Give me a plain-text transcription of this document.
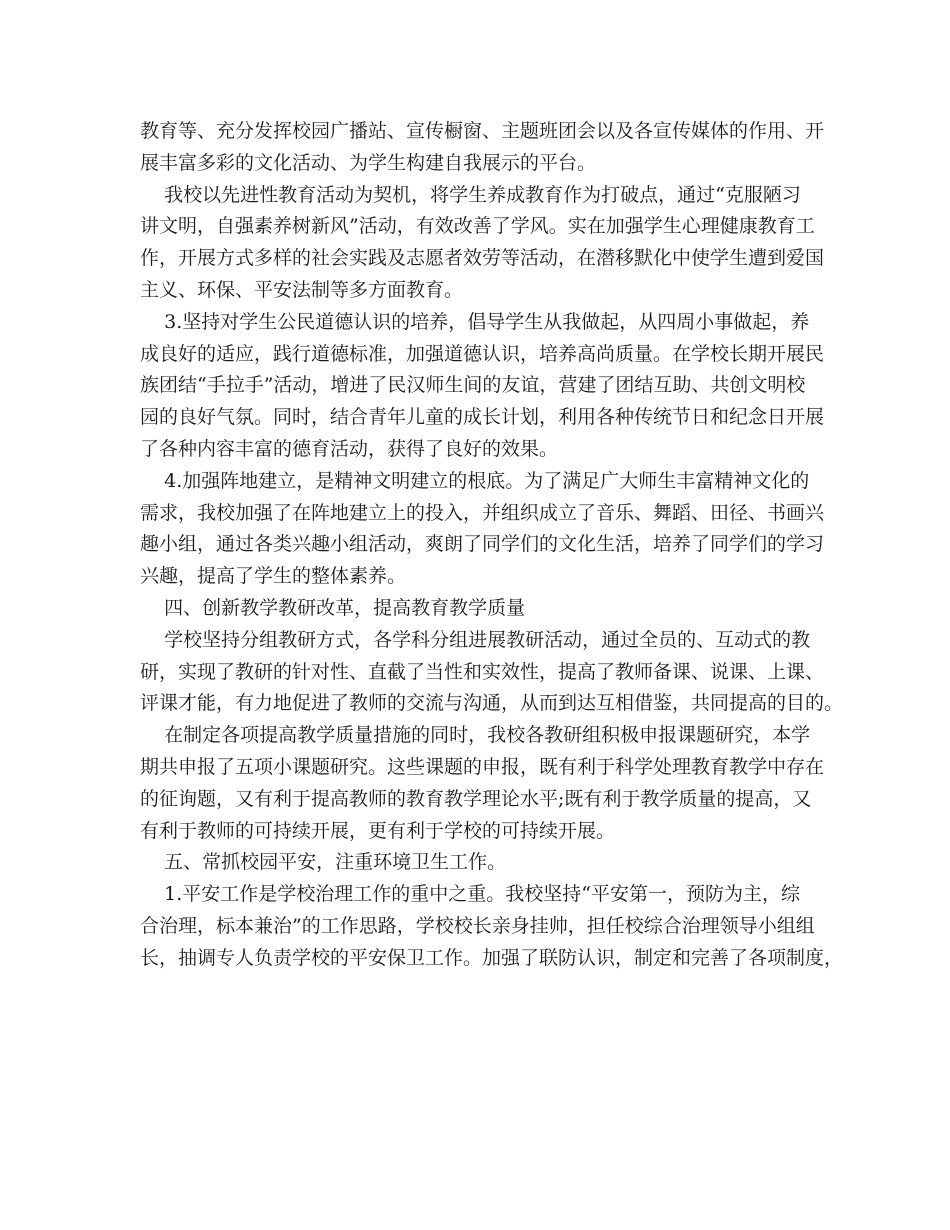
教育等、充分发挥校园广播站、宣传橱窗、主题班团会以及各宣传媒体的作用、开
展丰富多彩的文化活动、为学生构建自我展示的平台。
我校以先进性教育活动为契机，将学生养成教育作为打破点，通过“克服陋习
讲文明，自强素养树新风”活动，有效改善了学风。实在加强学生心理健康教育工
作，开展方式多样的社会实践及志愿者效劳等活动，在潜移默化中使学生遭到爱国
主义、环保、平安法制等多方面教育。
3.坚持对学生公民道德认识的培养，倡导学生从我做起，从四周小事做起，养
成良好的适应，践行道德标准，加强道德认识，培养高尚质量。在学校长期开展民
族团结“手拉手”活动，增进了民汉师生间的友谊，营建了团结互助、共创文明校
园的良好气氛。同时，结合青年儿童的成长计划，利用各种传统节日和纪念日开展
了各种内容丰富的德育活动，获得了良好的效果。
4.加强阵地建立，是精神文明建立的根底。为了满足广大师生丰富精神文化的
需求，我校加强了在阵地建立上的投入，并组织成立了音乐、舞蹈、田径、书画兴
趣小组，通过各类兴趣小组活动，爽朗了同学们的文化生活，培养了同学们的学习
兴趣，提高了学生的整体素养。
四、创新教学教研改革，提高教育教学质量
学校坚持分组教研方式，各学科分组进展教研活动，通过全员的、互动式的教
研，实现了教研的针对性、直截了当性和实效性，提高了教师备课、说课、上课、
评课才能，有力地促进了教师的交流与沟通，从而到达互相借鉴，共同提高的目的。
在制定各项提高教学质量措施的同时，我校各教研组积极申报课题研究，本学
期共申报了五项小课题研究。这些课题的申报，既有利于科学处理教育教学中存在
的征询题，又有利于提高教师的教育教学理论水平;既有利于教学质量的提高，又
有利于教师的可持续开展，更有利于学校的可持续开展。
五、常抓校园平安，注重环境卫生工作。
1.平安工作是学校治理工作的重中之重。我校坚持“平安第一，预防为主，综
合治理，标本兼治”的工作思路，学校校长亲身挂帅，担任校综合治理领导小组组
长，抽调专人负责学校的平安保卫工作。加强了联防认识，制定和完善了各项制度，
